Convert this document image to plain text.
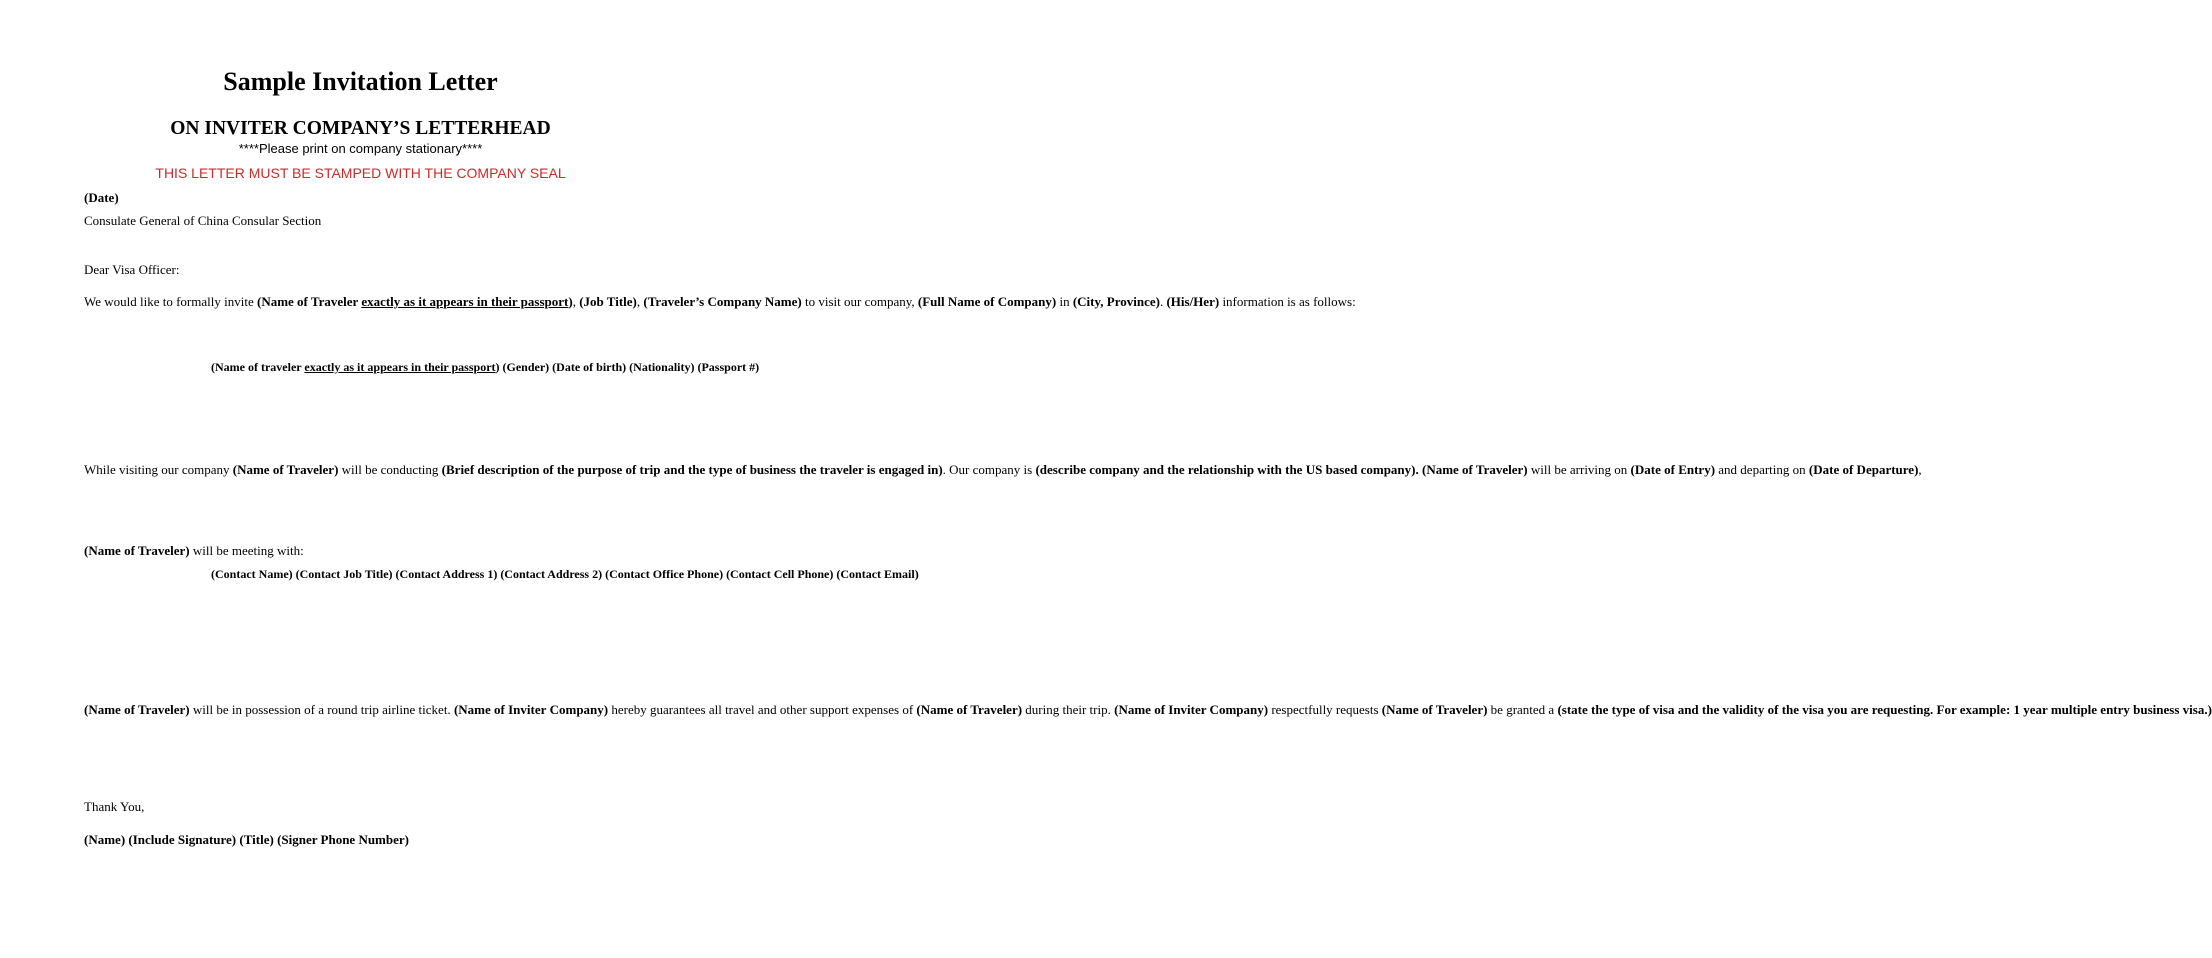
Sample Invitation Letter
ON INVITER COMPANY’S LETTERHEAD
****Please print on company stationary****
THIS LETTER MUST BE STAMPED WITH THE COMPANY SEAL
(Date)
Consulate General of China Consular Section
Dear Visa Officer:
We would like to formally invite (Name of Traveler exactly as it appears in their passport), (Job Title), (Traveler’s Company Name) to visit our company, (Full Name of Company) in (City, Province). (His/Her) information is as follows:
(Name of traveler exactly as it appears in their passport) (Gender) (Date of birth) (Nationality) (Passport #)
While visiting our company (Name of Traveler) will be conducting (Brief description of the purpose of trip and the type of business the traveler is engaged in). Our company is (describe company and the relationship with the US based company). (Name of Traveler) will be arriving on (Date of Entry) and departing on (Date of Departure),
(Name of Traveler) will be meeting with:
(Contact Name) (Contact Job Title) (Contact Address 1) (Contact Address 2) (Contact Office Phone) (Contact Cell Phone) (Contact Email)
(Name of Traveler) will be in possession of a round trip airline ticket. (Name of Inviter Company) hereby guarantees all travel and other support expenses of (Name of Traveler) during their trip. (Name of Inviter Company) respectfully requests (Name of Traveler) be granted a (state the type of visa and the validity of the visa you are requesting. For example: 1 year multiple entry business visa.)
Thank You,
(Name) (Include Signature) (Title) (Signer Phone Number)
